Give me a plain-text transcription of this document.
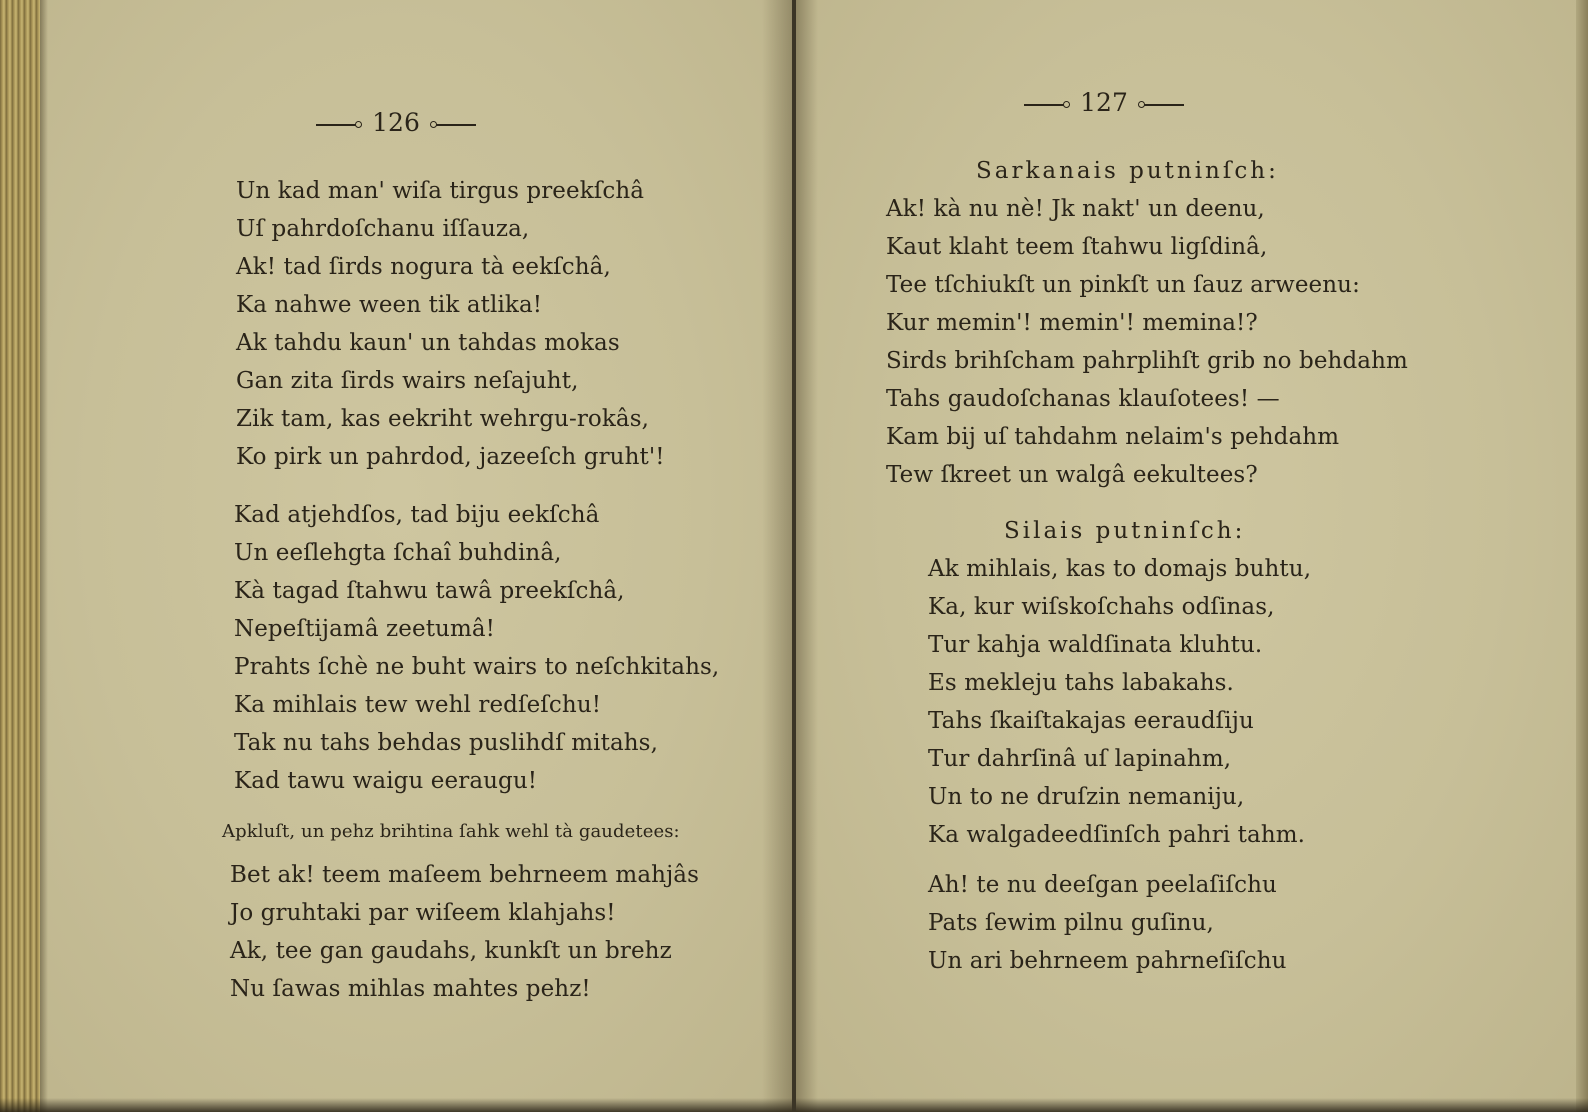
126
Un kad man' wiſa tirgus preekſchâ
Uſ pahrdoſchanu iſſauza,
Ak! tad ſirds nogura tà eekſchâ,
Ka nahwe ween tik atlika!
Ak tahdu kaun' un tahdas mokas
Gan zita ſirds wairs neſajuht,
Zik tam, kas eekriht wehrgu-rokâs,
Ko pirk un pahrdod, jazeeſch gruht'!
Kad atjehdſos, tad biju eekſchâ
Un eeſlehgta ſchaî buhdinâ,
Kà tagad ſtahwu tawâ preekſchâ,
Nepeſtijamâ zeetumâ!
Prahts ſchè ne buht wairs to neſchkitahs,
Ka mihlais tew wehl redſeſchu!
Tak nu tahs behdas puslihdſ mitahs,
Kad tawu waigu eeraugu!
Apkluſt, un pehz brihtina ſahk wehl tà gaudetees:
Bet ak! teem maſeem behrneem mahjâs
Jo gruhtaki par wiſeem klahjahs!
Ak, tee gan gaudahs, kunkſt un brehz
Nu ſawas mihlas mahtes pehz!
127
Sarkanais putninſch:
Ak! kà nu nè! Jk nakt' un deenu,
Kaut klaht teem ſtahwu ligſdinâ,
Tee tſchiukſt un pinkſt un ſauz arweenu:
Kur memin'! memin'! memina!?
Sirds brihſcham pahrplihſt grib no behdahm
Tahs gaudoſchanas klauſotees! —
Kam bij uſ tahdahm nelaim's pehdahm
Tew ſkreet un walgâ eekultees?
Silais putninſch:
Ak mihlais, kas to domajs buhtu,
Ka, kur wiſskoſchahs odſinas,
Tur kahja waldſinata kluhtu.
Es mekleju tahs labakahs.
Tahs ſkaiſtakajas eeraudſiju
Tur dahrſinâ uſ lapinahm,
Un to ne druſzin nemaniju,
Ka walgadeedſinſch pahri tahm.
Ah! te nu deeſgan peelaſiſchu
Pats ſewim pilnu guſinu,
Un ari behrneem pahrneſiſchu
